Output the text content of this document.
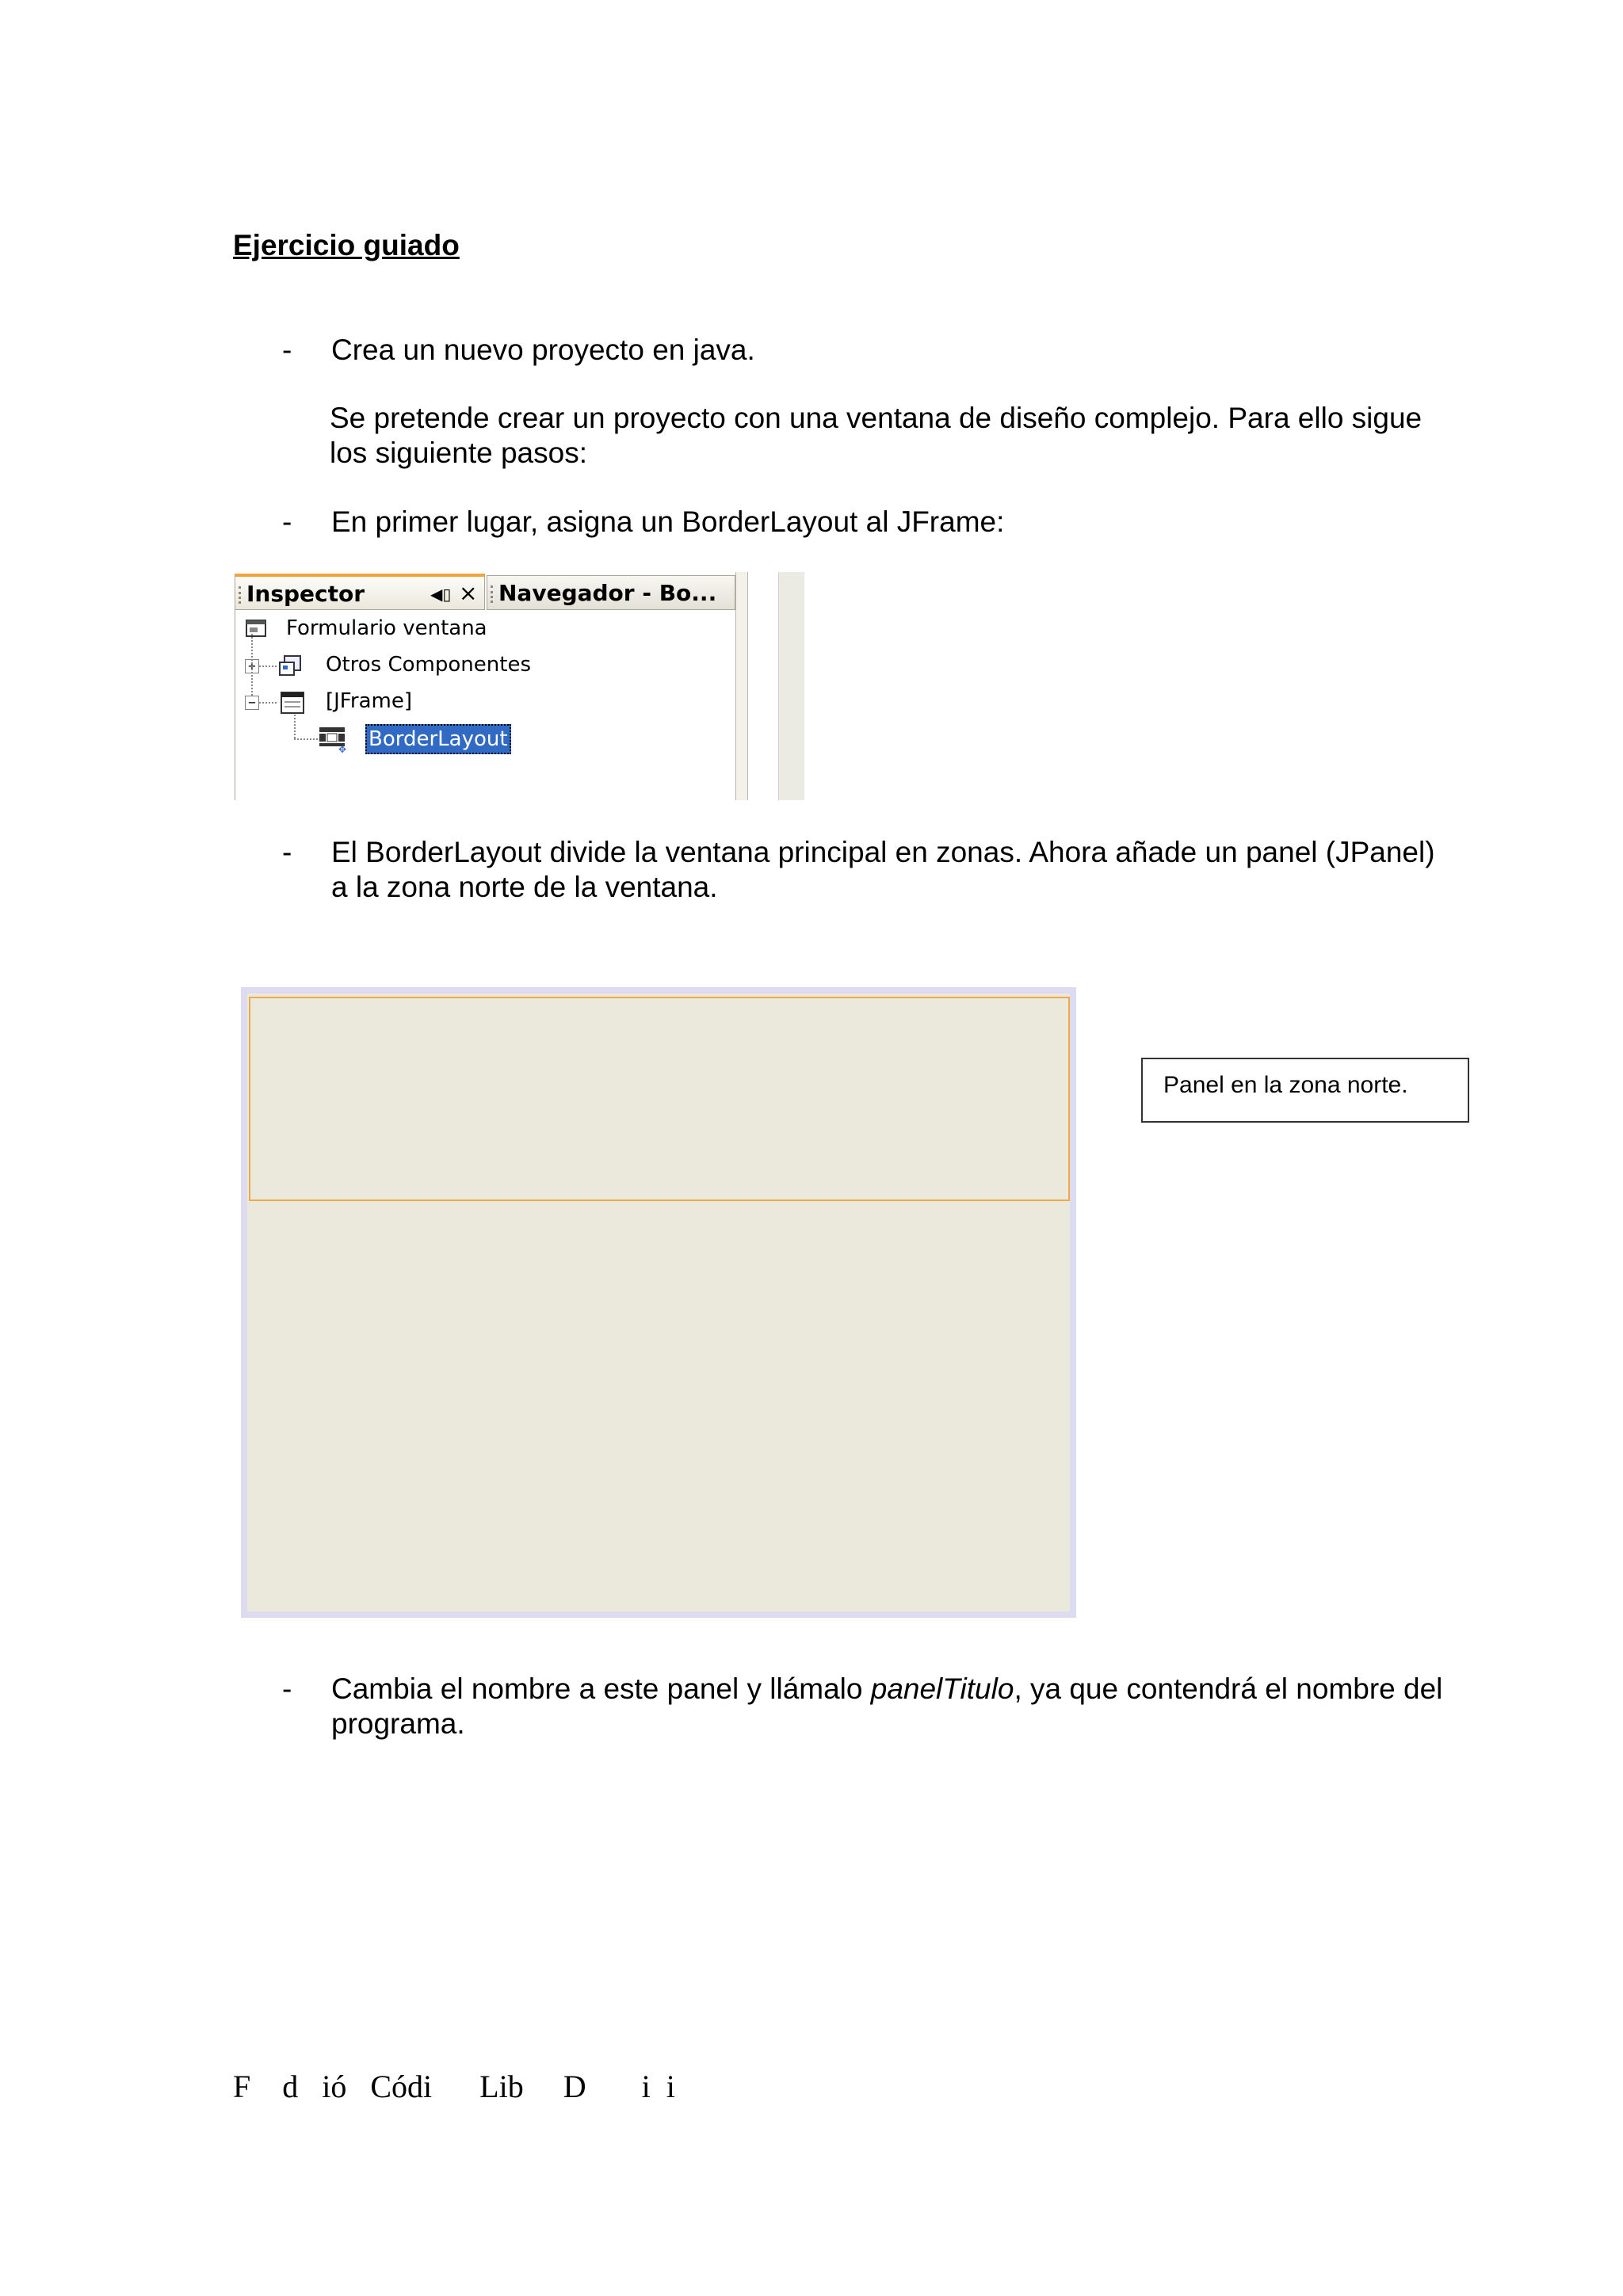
Ejercicio guiado
- Crea un nuevo proyecto en java.
Se pretende crear un proyecto con una ventana de diseño complejo. Para ello sigue
los siguiente pasos:
- En primer lugar, asigna un BorderLayout al JFrame:
Inspector	◀▯ × Navegador - Bo...
Formulario ventana
+	Otros Componentes
−	[JFrame]
✥ BorderLayout
- El BorderLayout divide la ventana principal en zonas. Ahora añade un panel (JPanel)
a la zona norte de la ventana.
Panel en la zona norte.
- Cambia el nombre a este panel y llámalo panelTitulo, ya que contendrá el nombre del
programa.
F    d   ió   Códi      Lib     D       i  i
